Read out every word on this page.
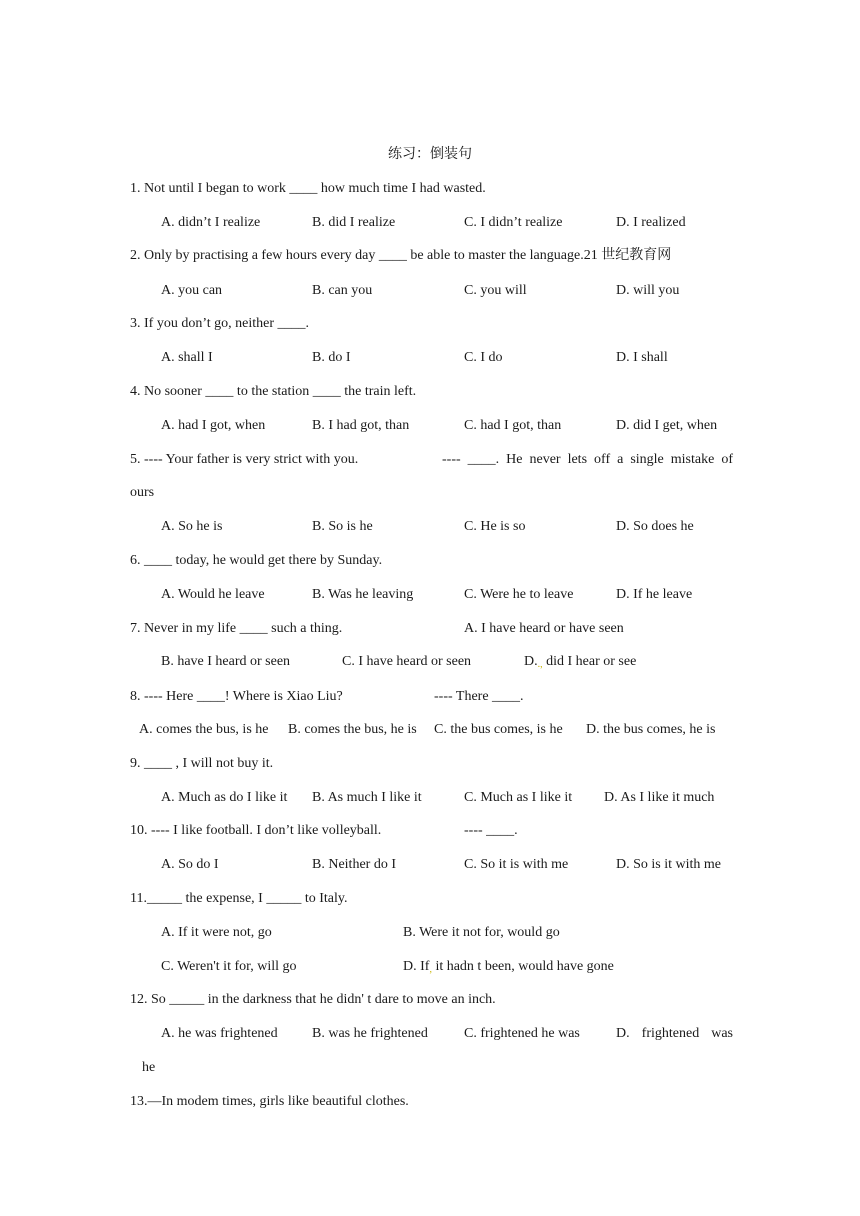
练习：倒装句
1. Not until I began to work ____ how much time I had wasted.
A. didn’t I realize	B. did I realize	C. I didn’t realize	D. I realized
2. Only by practising a few hours every day ____ be able to master the language.21 世纪教育网
A. you can	B. can you	C. you will	D. will you
3. If you don’t go, neither ____.
A. shall I	B. do I	C. I do	D. I shall
4. No sooner ____ to the station ____ the train left.
A. had I got, when	B. I had got, than	C. had I got, than	D. did I get, when
5. ---- Your father is very strict with you.	---- ____. He never lets off a single mistake of
ours
A. So he is	B. So is he	C. He is so	D. So does he
6. ____ today, he would get there by Sunday.
A. Would he leave	B. Was he leaving	C. Were he to leave	D. If he leave
7. Never in my life ____ such a thing.	A. I have heard or have seen
B. have I heard or seen	C. I have heard or seen	D.., did I hear or see
8. ---- Here ____! Where is Xiao Liu?	---- There ____.
A. comes the bus, is he B. comes the bus, he is C. the bus comes, is he D. the bus comes, he is
9. ____ , I will not buy it.
A. Much as do I like it B. As much I like it	C. Much as I like it D. As I like it much
10. ---- I like football. I don’t like volleyball.	---- ____.
A. So do I	B. Neither do I	C. So it is with me	D. So is it with me
11._____ the expense, I _____ to Italy.
A. If it were not, go	B. Were it not for, would go
C. Weren't it for, will go	D. If, it hadn t been, would have gone
12. So _____ in the darkness that he didn' t dare to move an inch.
A. he was frightened B. was he frightened	C. frightened he was	D. frightened was
he
13.—In modem times, girls like beautiful clothes.
